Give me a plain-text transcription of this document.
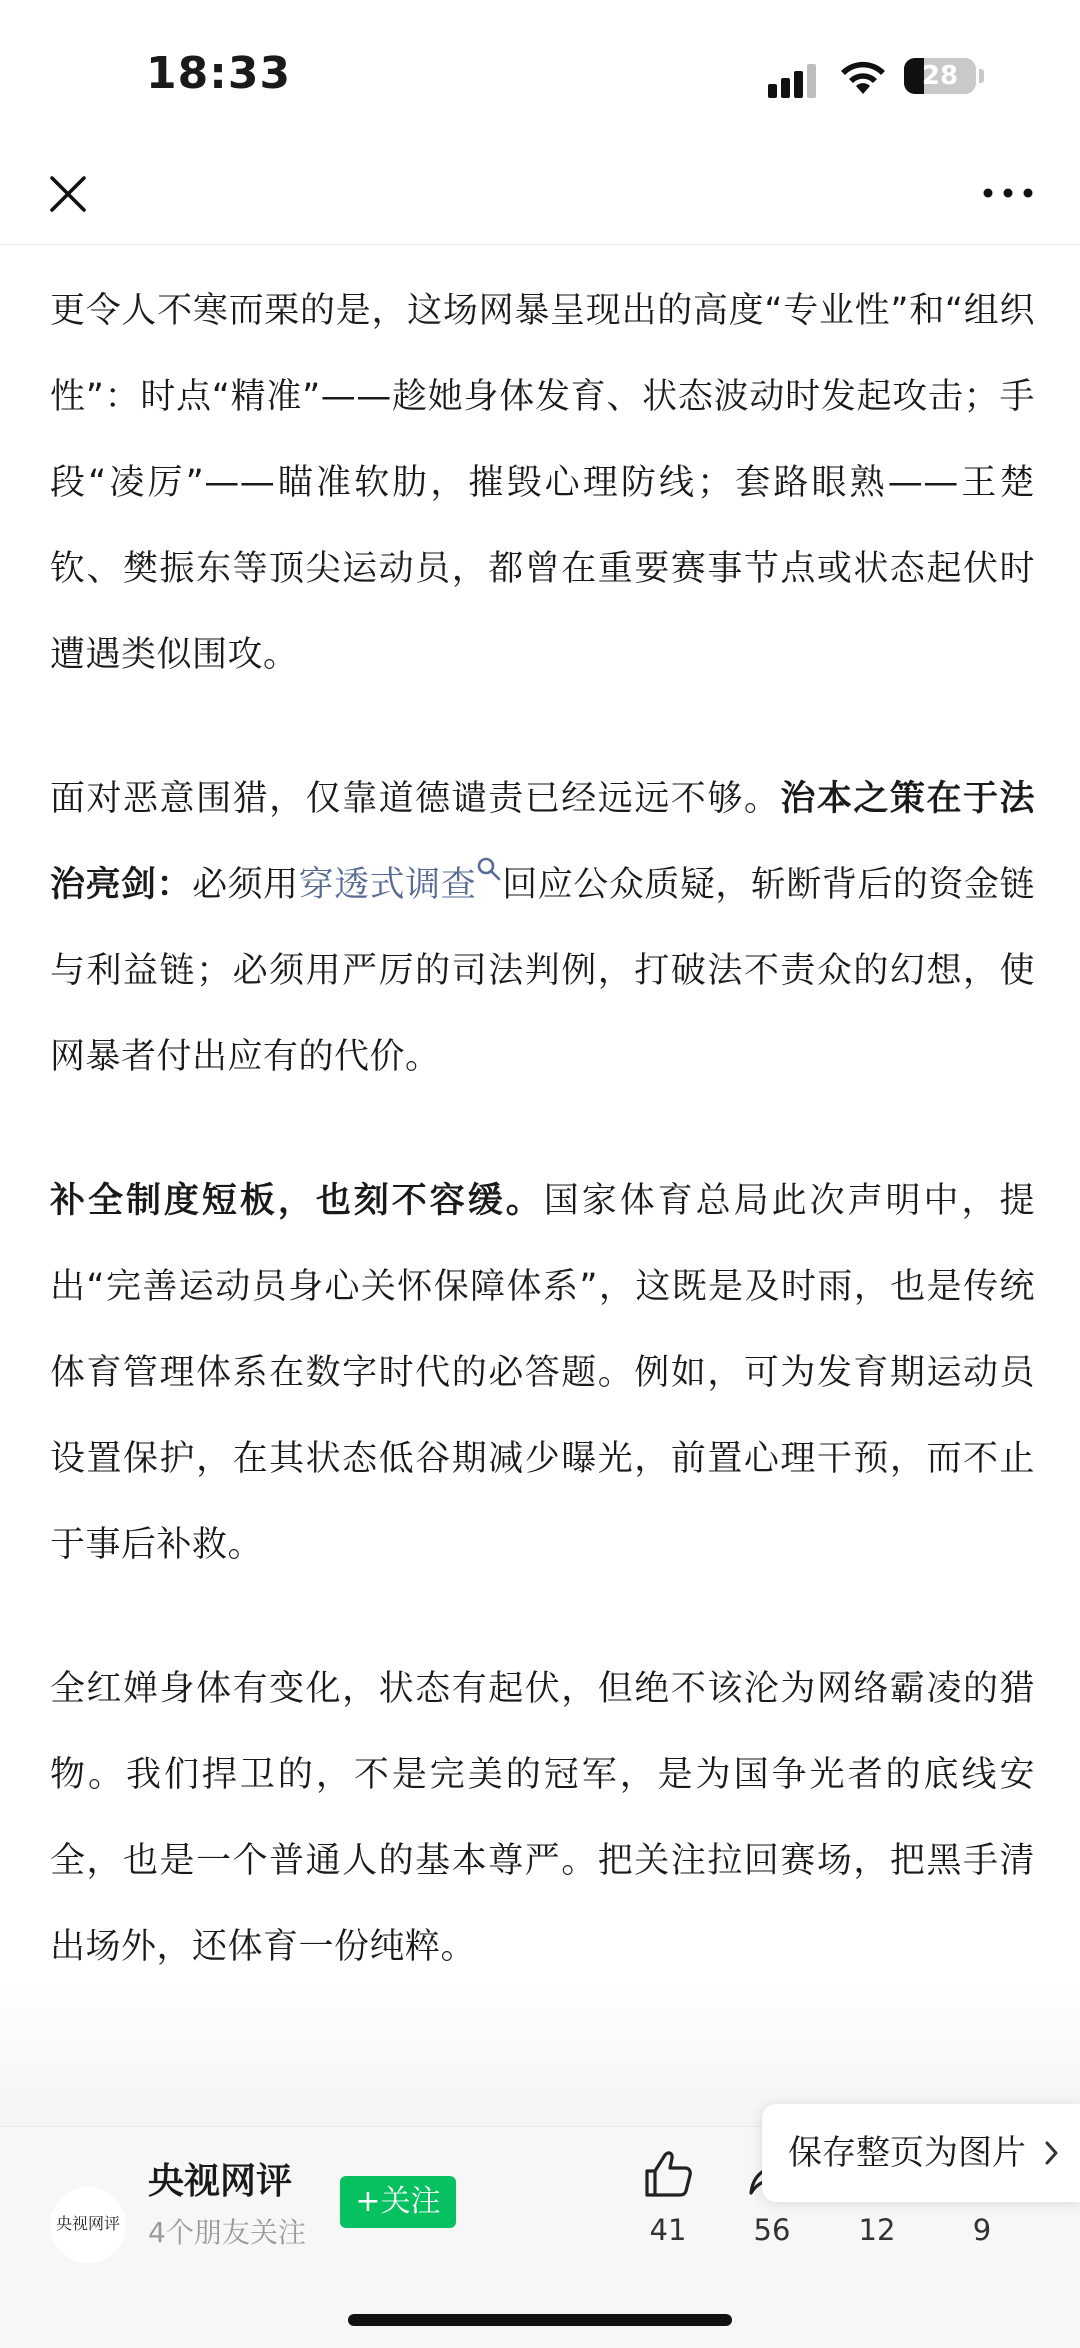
18:33	28

更令人不寒而栗的是，这场网暴呈现出的高度“专业性”和“组织性”：时点“精准”——趁她身体发育、状态波动时发起攻击；手段“凌厉”——瞄准软肋，摧毁心理防线；套路眼熟——王楚钦、樊振东等顶尖运动员，都曾在重要赛事节点或状态起伏时遭遇类似围攻。

面对恶意围猎，仅靠道德谴责已经远远不够。治本之策在于法治亮剑：必须用穿透式调查 回应公众质疑，斩断背后的资金链与利益链；必须用严厉的司法判例，打破法不责众的幻想，使网暴者付出应有的代价。

补全制度短板，也刻不容缓。国家体育总局此次声明中，提出“完善运动员身心关怀保障体系”，这既是及时雨，也是传统体育管理体系在数字时代的必答题。例如，可为发育期运动员设置保护，在其状态低谷期减少曝光，前置心理干预，而不止于事后补救。

全红婵身体有变化，状态有起伏，但绝不该沦为网络霸凌的猎物。我们捍卫的，不是完美的冠军，是为国争光者的底线安全，也是一个普通人的基本尊严。把关注拉回赛场，把黑手清出场外，还体育一份纯粹。

央视网评
央视网评
4个朋友关注
+关注
41	56	12	9
保存整页为图片
